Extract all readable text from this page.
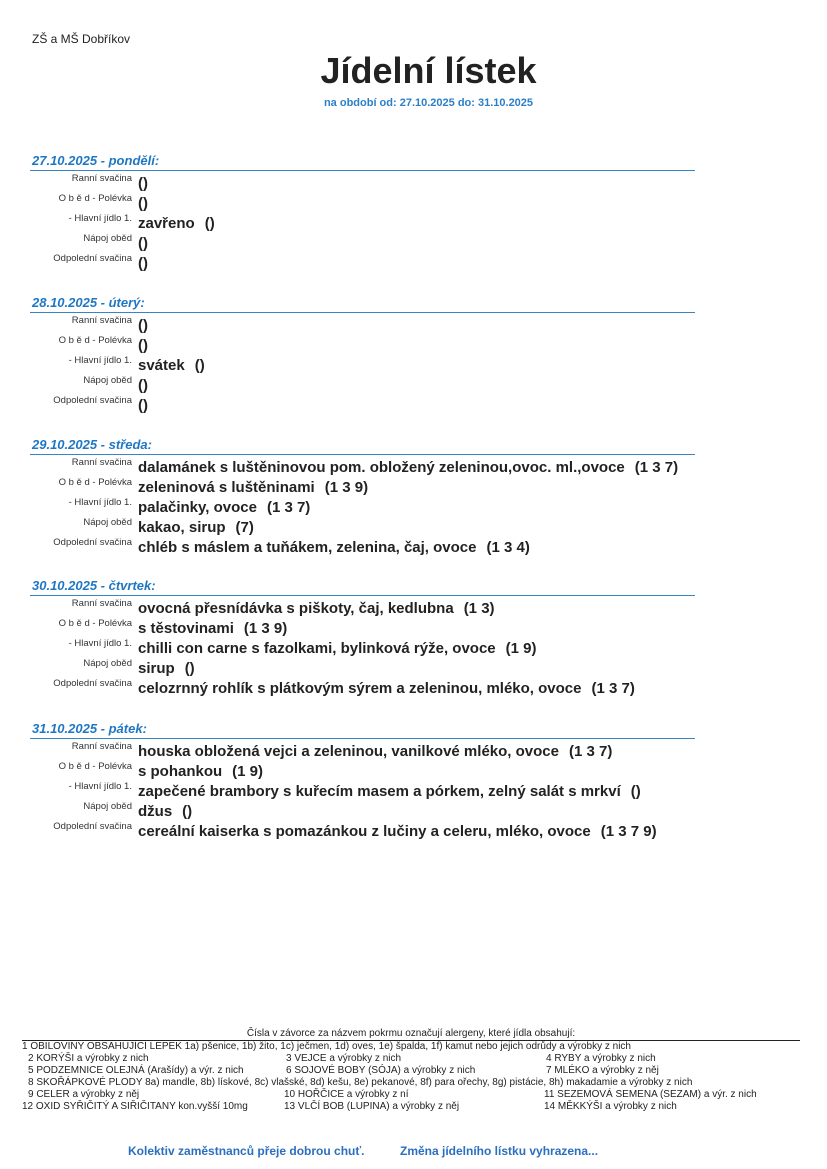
ZŠ a MŠ Dobříkov
Jídelní lístek
na období od: 27.10.2025 do: 31.10.2025
27.10.2025 - pondělí:
Ranní svačina ()
O b ě d - Polévka ()
- Hlavní jídlo 1. zavřeno ()
Nápoj oběd ()
Odpolední svačina ()
28.10.2025 - úterý:
Ranní svačina ()
O b ě d - Polévka ()
- Hlavní jídlo 1. svátek ()
Nápoj oběd ()
Odpolední svačina ()
29.10.2025 - středa:
Ranní svačina dalamánek s luštěninovou pom. obložený zeleninou,ovoc. ml.,ovoce (1 3 7)
O b ě d - Polévka zeleninová s luštěninami (1 3 9)
- Hlavní jídlo 1. palačinky, ovoce (1 3 7)
Nápoj oběd kakao, sirup (7)
Odpolední svačina chléb s máslem a tuňákem, zelenina, čaj, ovoce (1 3 4)
30.10.2025 - čtvrtek:
Ranní svačina ovocná přesnídávka s piškoty, čaj, kedlubna (1 3)
O b ě d - Polévka s těstovinami (1 3 9)
- Hlavní jídlo 1. chilli con carne s fazolkami, bylinková rýže, ovoce (1 9)
Nápoj oběd sirup ()
Odpolední svačina celozrnný rohlík s plátkovým sýrem a zeleninou, mléko, ovoce (1 3 7)
31.10.2025 - pátek:
Ranní svačina houska obložená vejci a zeleninou, vanilkové mléko, ovoce (1 3 7)
O b ě d - Polévka s pohankou (1 9)
- Hlavní jídlo 1. zapečené brambory s kuřecím masem a pórkem, zelný salát s mrkví ()
Nápoj oběd džus ()
Odpolední svačina cereální kaiserka s pomazánkou z lučiny a celeru, mléko, ovoce (1 3 7 9)
Čísla v závorce za názvem pokrmu označují alergeny, které jídla obsahují:
1 OBILOVINY OBSAHUJÍCÍ LEPEK 1a) pšenice, 1b) žito, 1c) ječmen, 1d) oves, 1e) špalda, 1f) kamut nebo jejich odrůdy a výrobky z nich
2 KORÝŠI a výrobky z nich	3 VEJCE a výrobky z nich	4 RYBY a výrobky z nich
5 PODZEMNICE OLEJNÁ (Arašídy) a výr. z nich	6 SOJOVÉ BOBY (SÓJA) a výrobky z nich	7 MLÉKO a výrobky z něj
8 SKOŘÁPKOVÉ PLODY 8a) mandle, 8b) lískové, 8c) vlašské, 8d) kešu, 8e) pekanové, 8f) para ořechy, 8g) pistácie, 8h) makadamie a výrobky z nich
9 CELER a výrobky z něj	10 HOŘČICE a výrobky z ní	11 SEZEMOVÁ SEMENA (SEZAM) a výr. z nich
12 OXID SYŘIČITÝ A SIŘIČITANY kon.vyšší 10mg	13 VLČÍ BOB (LUPINA) a výrobky z něj	14 MĚKKÝŠI a výrobky z nich
Kolektiv zaměstnanců přeje dobrou chuť.	Změna jídelního lístku vyhrazena...
